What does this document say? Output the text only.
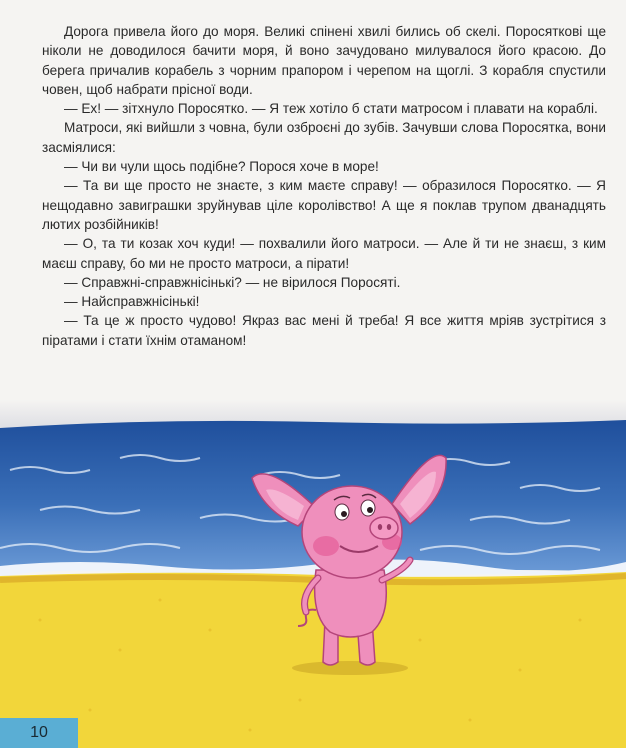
Дорога привела його до моря. Великі спінені хвилі бились об скелі. Поросяткові ще ніколи не доводилося бачити моря, й воно зачудовано милувалося його красою. До берега причалив корабель з чорним прапором і черепом на щоглі. З корабля спустили човен, щоб набрати прісної води.

— Ех! — зітхнуло Поросятко. — Я теж хотіло б стати матросом і плавати на кораблі.

Матроси, які вийшли з човна, були озброєні до зубів. Зачувши слова Поросятка, вони засміялися:

— Чи ви чули щось подібне? Порося хоче в море!

— Та ви ще просто не знаєте, з ким маєте справу! — образилося Поросятко. — Я нещодавно завиграшки зруйнував ціле королівство! А ще я поклав трупом дванадцять лютих розбійників!

— О, та ти козак хоч куди! — похвалили його матроси. — Але й ти не знаєш, з ким маєш справу, бо ми не просто матроси, а пірати!

— Справжні-справжнісінькі? — не вірилося Поросяті.

— Найсправжнісінькі!

— Та це ж просто чудово! Якраз вас мені й треба! Я все життя мріяв зустрітися з піратами і стати їхнім отаманом!

10
